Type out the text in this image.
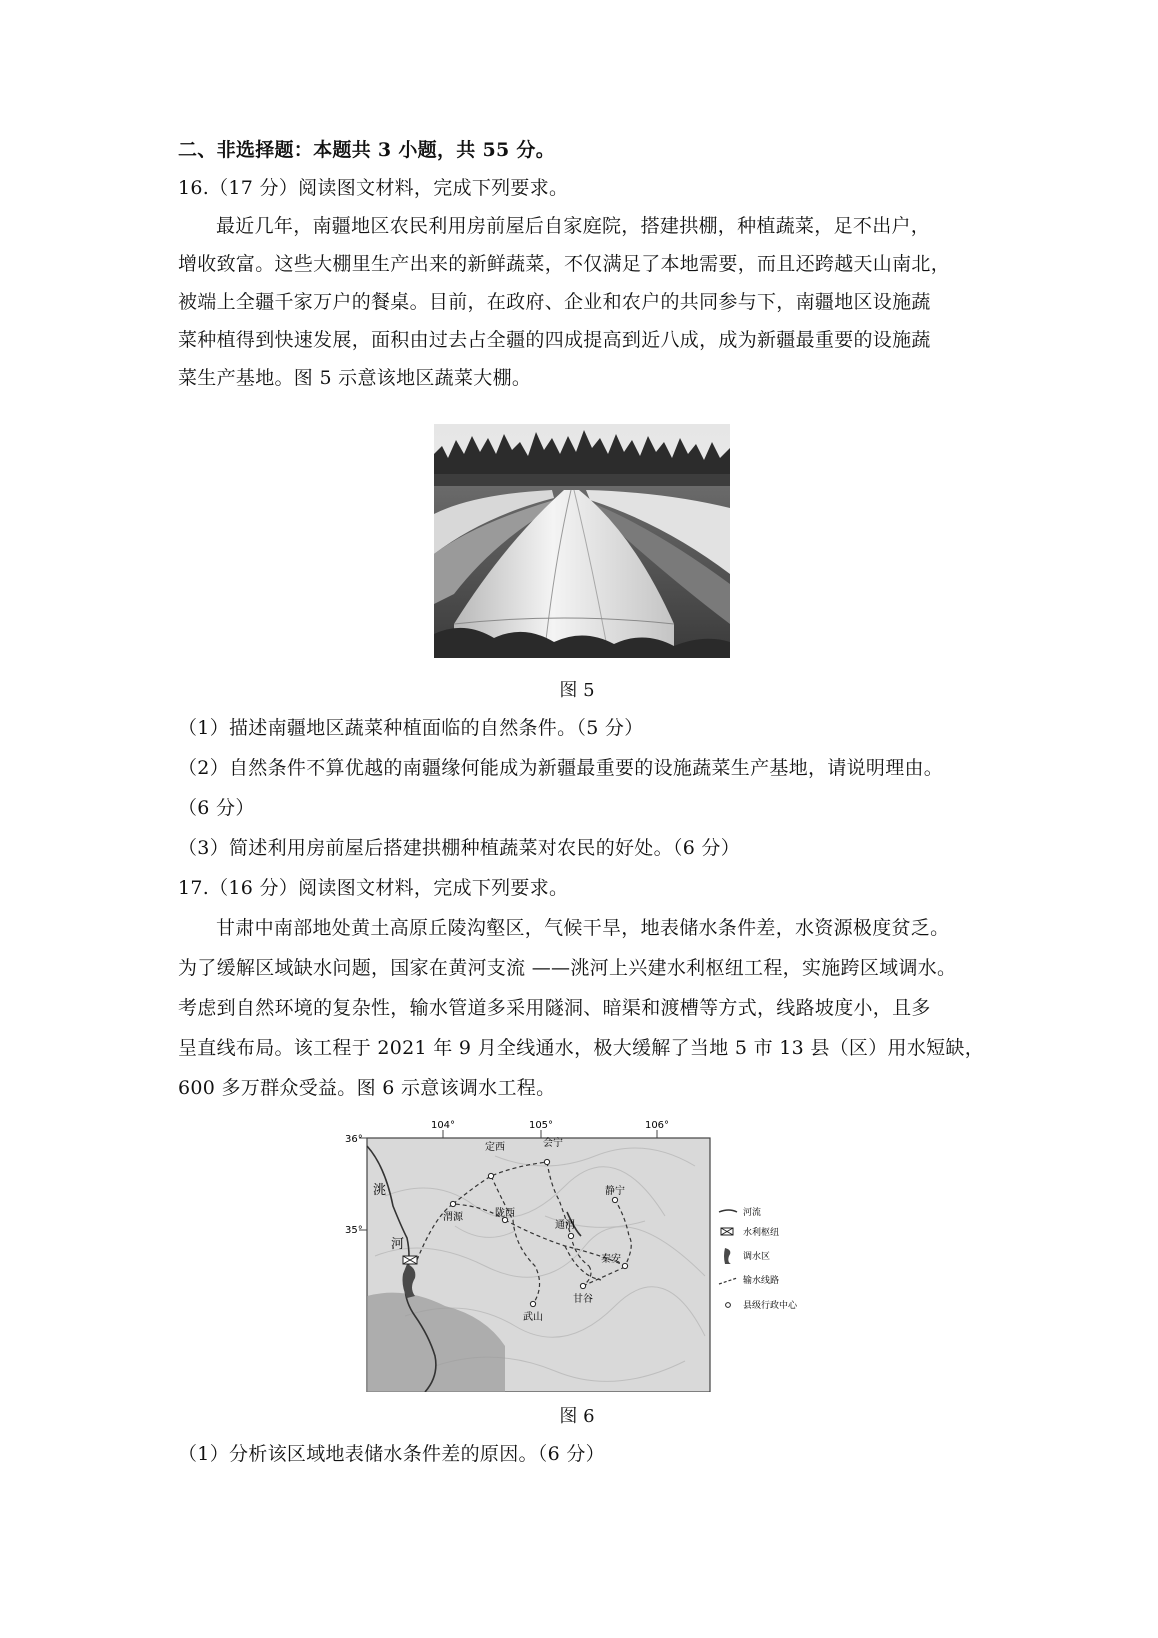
二、非选择题：本题共 3 小题，共 55 分。
16.（17 分）阅读图文材料，完成下列要求。
最近几年，南疆地区农民利用房前屋后自家庭院，搭建拱棚，种植蔬菜，足不出户，
增收致富。这些大棚里生产出来的新鲜蔬菜，不仅满足了本地需要，而且还跨越天山南北，
被端上全疆千家万户的餐桌。目前，在政府、企业和农户的共同参与下，南疆地区设施蔬
菜种植得到快速发展，面积由过去占全疆的四成提高到近八成，成为新疆最重要的设施蔬
菜生产基地。图 5 示意该地区蔬菜大棚。
图 5
（1）描述南疆地区蔬菜种植面临的自然条件。（5 分）
（2）自然条件不算优越的南疆缘何能成为新疆最重要的设施蔬菜生产基地，请说明理由。
（6 分）
（3）简述利用房前屋后搭建拱棚种植蔬菜对农民的好处。（6 分）
17.（16 分）阅读图文材料，完成下列要求。
甘肃中南部地处黄土高原丘陵沟壑区，气候干旱，地表储水条件差，水资源极度贫乏。
为了缓解区域缺水问题，国家在黄河支流 ——洮河上兴建水利枢纽工程，实施跨区域调水。
考虑到自然环境的复杂性，输水管道多采用隧洞、暗渠和渡槽等方式，线路坡度小，且多
呈直线布局。该工程于 2021 年 9 月全线通水，极大缓解了当地 5 市 13 县（区）用水短缺，
600 多万群众受益。图 6 示意该调水工程。
104°	105°	106°
36°
35°
定西	会宁
静宁
通渭
渭源	陇西
秦安
武山
甘谷
洮
河
河流
水利枢纽
调水区
输水线路
县级行政中心
图 6
（1）分析该区域地表储水条件差的原因。（6 分）
